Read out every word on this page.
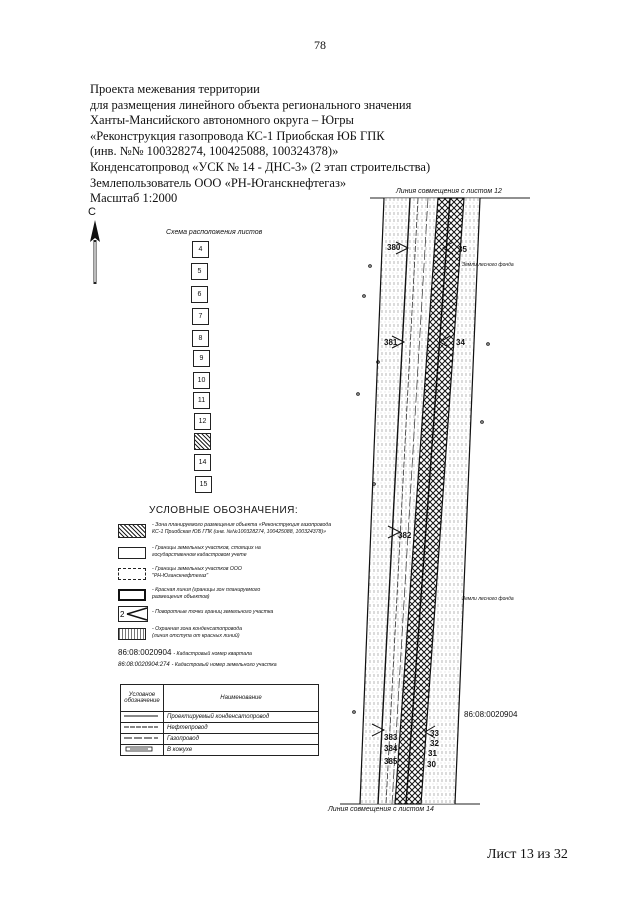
78
Проекта межевания территории
для размещения линейного объекта регионального значения
Ханты-Мансийского автономного округа – Югры
«Реконструкция газопровода КС-1 Приобская ЮБ ГПК
(инв. №№ 100328274, 100425088, 100324378)»
Конденсатопровод «УСК № 14 - ДНС-3» (2 этап строительства)
Землепользователь ООО «РН-Юганскнефтегаз»
Масштаб 1:2000
С
Схема расположения листов
4
5
6
7
8
9
10
11
12
14
15
УСЛОВНЫЕ ОБОЗНАЧЕНИЯ:
- Зона планируемого размещения объекта «Реконструкция газопровода
КС-1 Приобская ЮБ ГПК (инв. №№100328274, 100425088, 100324378)»
- Границы земельных участков, стоящих на
государственном кадастровом учете
- Границы земельных участков ООО
"РН-Юганскнефтегаз"
- Красная линия (границы зон планируемого
размещения объектов)
2	- Поворотные точки границ земельного участка
- Охранная зона конденсатопровода
(линия отступа от красных линий)
86:08:0020904 - Кадастровый номер квартала
86:08:0020904:274 - Кадастровый номер земельного участка
Условное обозначение	Наименование
	Проектируемый конденсатопровод
	Нефтепровод
	Газопровод
	В кожухе
Линия совмещения с листом 12
Линия совмещения с листом 14
380
381
382
383
384
385
35
34
33
32
31
30
Земли лесного фонда
Земли лесного фонда
86:08:0020904
Лист 13 из 32
